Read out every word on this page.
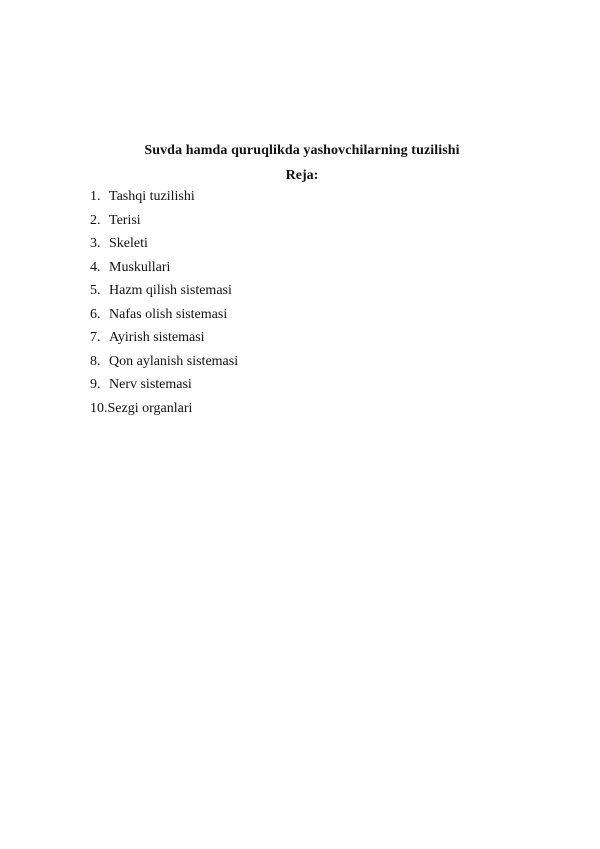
Suvda hamda quruqlikda yashovchilarning tuzilishi
Reja:
1. Tashqi tuzilishi
2. Terisi
3. Skeleti
4. Muskullari
5. Hazm qilish sistemasi
6. Nafas olish sistemasi
7. Ayirish sistemasi
8. Qon aylanish sistemasi
9. Nerv sistemasi
10. Sezgi organlari
